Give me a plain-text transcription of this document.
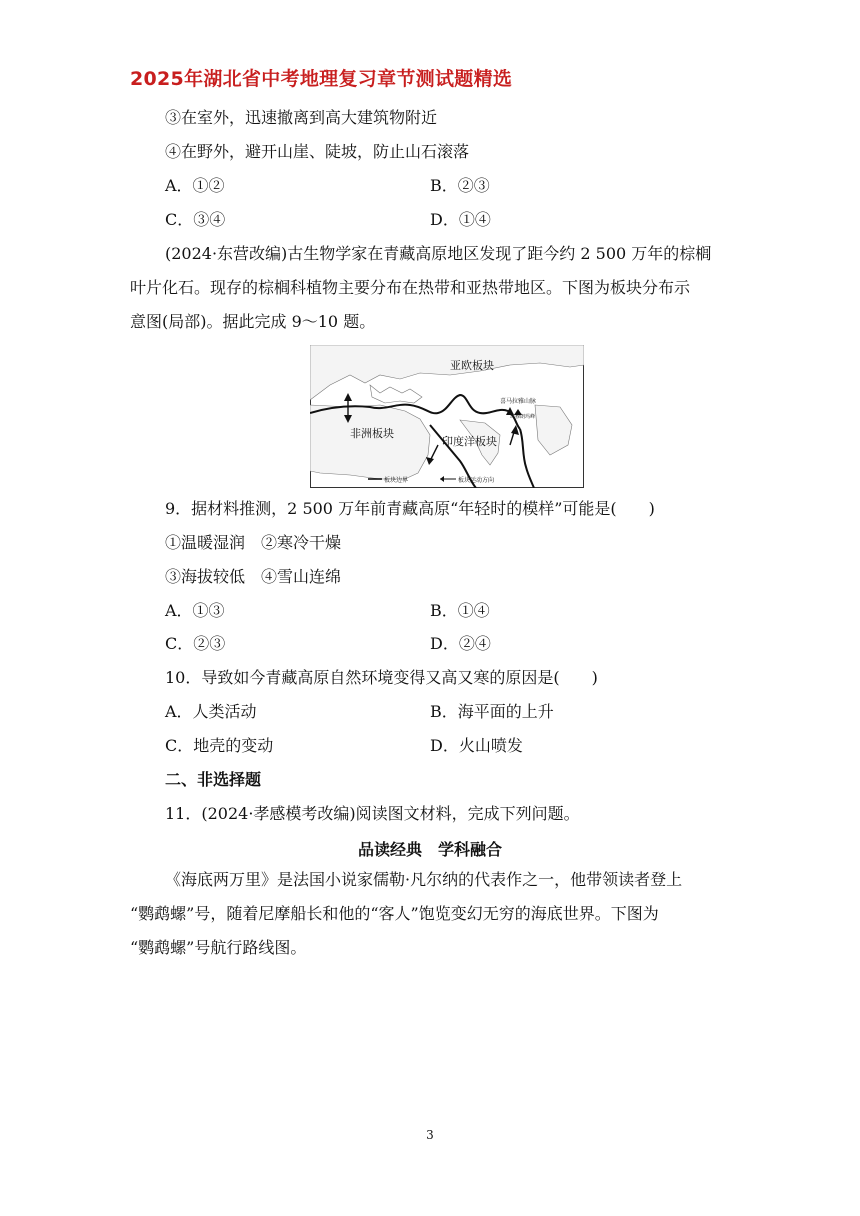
2025年湖北省中考地理复习章节测试题精选
③在室外，迅速撤离到高大建筑物附近
④在野外，避开山崖、陡坡，防止山石滚落
A．①②	B．②③
C．③④	D．①④
(2024·东营改编)古生物学家在青藏高原地区发现了距今约 2 500 万年的棕榈
叶片化石。现存的棕榈科植物主要分布在热带和亚热带地区。下图为板块分布示
意图(局部)。据此完成 9～10 题。
亚欧板块
非洲板块
印度洋板块
喜马拉雅山脉
珠穆朗玛峰
板块边界	板块运动方向
9．据材料推测，2 500 万年前青藏高原“年轻时的模样”可能是(　　)
①温暖湿润　②寒冷干燥
③海拔较低　④雪山连绵
A．①③	B．①④
C．②③	D．②④
10．导致如今青藏高原自然环境变得又高又寒的原因是(　　)
A．人类活动	B．海平面的上升
C．地壳的变动	D．火山喷发
二、非选择题
11．(2024·孝感模考改编)阅读图文材料，完成下列问题。
品读经典　学科融合
《海底两万里》是法国小说家儒勒·凡尔纳的代表作之一，他带领读者登上
“鹦鹉螺”号，随着尼摩船长和他的“客人”饱览变幻无穷的海底世界。下图为
“鹦鹉螺”号航行路线图。
3
